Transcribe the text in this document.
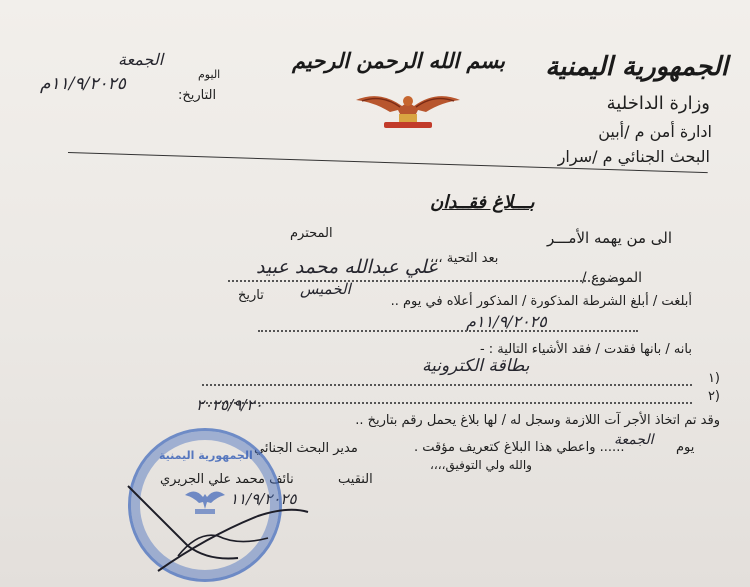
الجمهورية اليمنية
وزارة الداخلية
ادارة أمن م /أبين
البحث الجنائي م /سرار
بسم الله الرحمن الرحيم
اليوم
الجمعة
التاريخ:
١١/٩/٢٠٢٥م
بـــلاغ فقــدان
الى من يهمه الأمـــر
المحترم
بعد التحية ،،،
الموضوع /
علي عبدالله محمد عبيد
أبلغت / أبلغ الشرطة المذكورة / المذكور أعلاه في يوم ..
الخميس
تاريخ
١١/٩/٢٠٢٥م
بانه / بانها فقدت / فقد الأشياء التالية : -
١)
بطاقة الكترونية
٢)
وقد تم اتخاذ الأجر آت اللازمة وسجل له / لها بلاغ يحمل رقم بتاريخ ..
٢٠٢٥/٩/٢٠
...... واعطي هذا البلاغ كتعريف مؤقت .
الجمعة يوم
والله ولي التوفيق،،،،
مدير البحث الجنائي
النقيب
نائف محمد علي الجريري
١١/٩/٢٠٢٥
الجمهورية اليمنية
